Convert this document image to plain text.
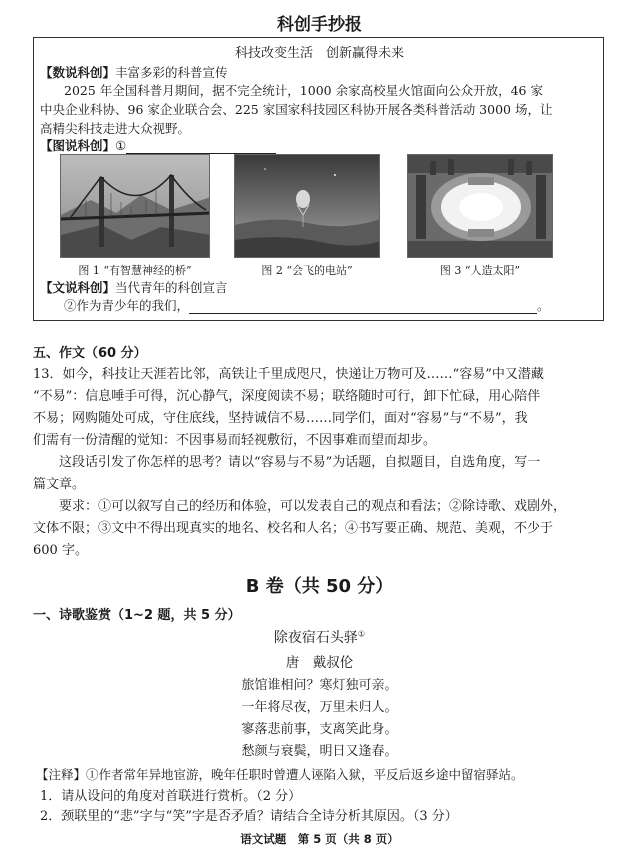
科创手抄报
科技改变生活　创新赢得未来
【数说科创】丰富多彩的科普宣传
2025 年全国科普月期间，据不完全统计，1000 余家高校星火馆面向公众开放，46 家
中央企业科协、96 家企业联合会、225 家国家科技园区科协开展各类科普活动 3000 场，让
高精尖科技走进大众视野。
【图说科创】①
图 1 “有智慧神经的桥”	图 2 “会飞的电站”	图 3 “人造太阳”
【文说科创】当代青年的科创宣言
②作为青少年的我们，	。
五、作文（60 分）
13．如今，科技让天涯若比邻，高铁让千里成咫尺，快递让万物可及……“容易”中又潜藏
“不易”：信息唾手可得，沉心静气，深度阅读不易；联络随时可行，卸下忙碌，用心陪伴
不易；网购随处可成，守住底线，坚持诚信不易……同学们，面对“容易”与“不易”，我
们需有一份清醒的觉知：不因事易而轻视敷衍，不因事难而望而却步。
　　这段话引发了你怎样的思考？请以“容易与不易”为话题，自拟题目，自选角度，写一
篇文章。
　　要求：①可以叙写自己的经历和体验，可以发表自己的观点和看法；②除诗歌、戏剧外，
文体不限；③文中不得出现真实的地名、校名和人名；④书写要正确、规范、美观，不少于
600 字。
B 卷（共 50 分）
一、诗歌鉴赏（1~2 题，共 5 分）
除夜宿石头驿①
唐　戴叔伦
旅馆谁相问？寒灯独可亲。
一年将尽夜，万里未归人。
寥落悲前事，支离笑此身。
愁颜与衰鬓，明日又逢春。
【注释】①作者常年异地宦游，晚年任职时曾遭人诬陷入狱，平反后返乡途中留宿驿站。
1．请从设问的角度对首联进行赏析。（2 分）
2．颈联里的“悲”字与“笑”字是否矛盾？请结合全诗分析其原因。（3 分）
语文试题　第 5 页（共 8 页）
